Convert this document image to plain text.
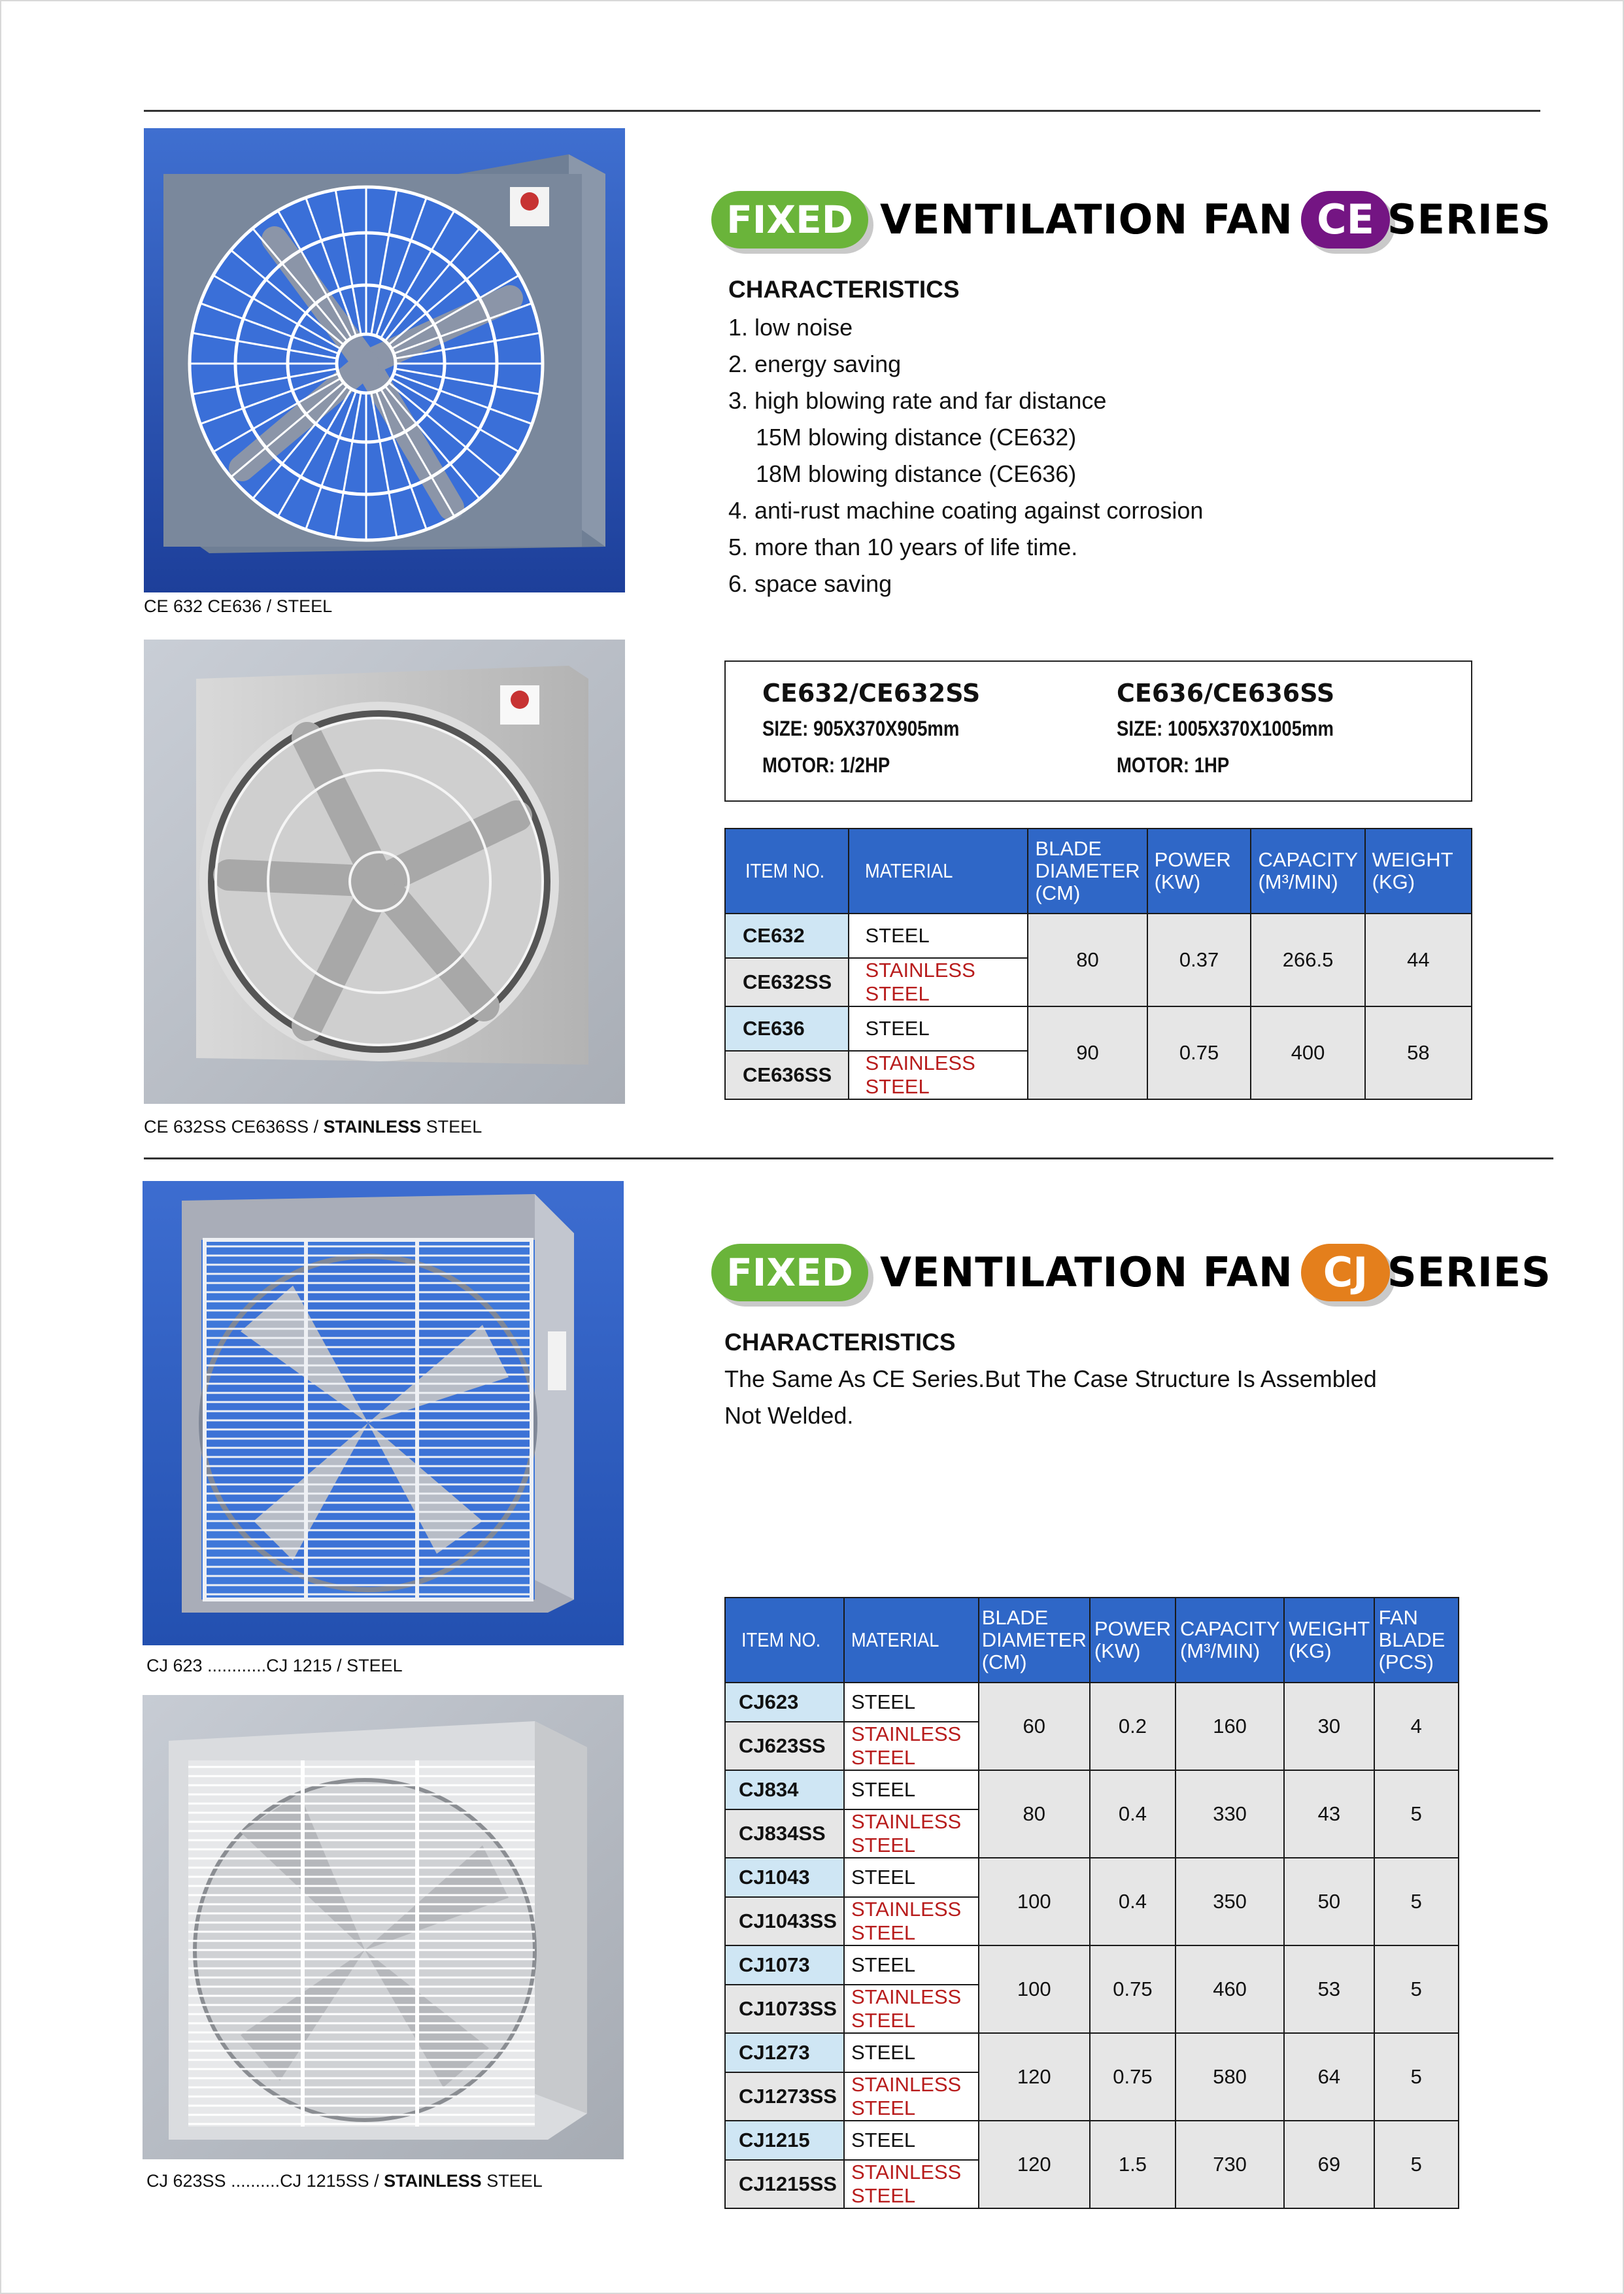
CE 632 CE636 / STEEL
CE 632SS CE636SS / STAINLESS STEEL
FIXED VENTILATION FAN CE SERIES
CHARACTERISTICS
1. low noise
2. energy saving
3. high blowing rate and far distance
15M blowing distance (CE632)
18M blowing distance (CE636)
4. anti-rust machine coating against corrosion
5. more than 10 years of life time.
6. space saving
CE632/CE632SS
SIZE: 905X370X905mm
MOTOR: 1/2HP
CE636/CE636SS
SIZE: 1005X370X1005mm
MOTOR: 1HP
ITEM NO.	MATERIAL	BLADE DIAMETER (CM)	POWER (KW)	CAPACITY (M³/MIN)	WEIGHT (KG)
CE632	STEEL	80	0.37	266.5	44
CE632SS	STAINLESS STEEL				
CE636	STEEL	90	0.75	400	58
CE636SS	STAINLESS STEEL				
CJ 623 ............CJ 1215 / STEEL
CJ 623SS ..........CJ 1215SS / STAINLESS STEEL
FIXED VENTILATION FAN CJ SERIES
CHARACTERISTICS
The Same As CE Series.But The Case Structure Is Assembled
Not Welded.
ITEM NO.	MATERIAL	BLADE DIAMETER (CM)	POWER (KW)	CAPACITY (M³/MIN)	WEIGHT (KG)	FAN BLADE (PCS)
CJ623	STEEL	60	0.2	160	30	4
CJ623SS	STAINLESS STEEL					
CJ834	STEEL	80	0.4	330	43	5
CJ834SS	STAINLESS STEEL					
CJ1043	STEEL	100	0.4	350	50	5
CJ1043SS	STAINLESS STEEL					
CJ1073	STEEL	100	0.75	460	53	5
CJ1073SS	STAINLESS STEEL					
CJ1273	STEEL	120	0.75	580	64	5
CJ1273SS	STAINLESS STEEL					
CJ1215	STEEL	120	1.5	730	69	5
CJ1215SS	STAINLESS STEEL					
